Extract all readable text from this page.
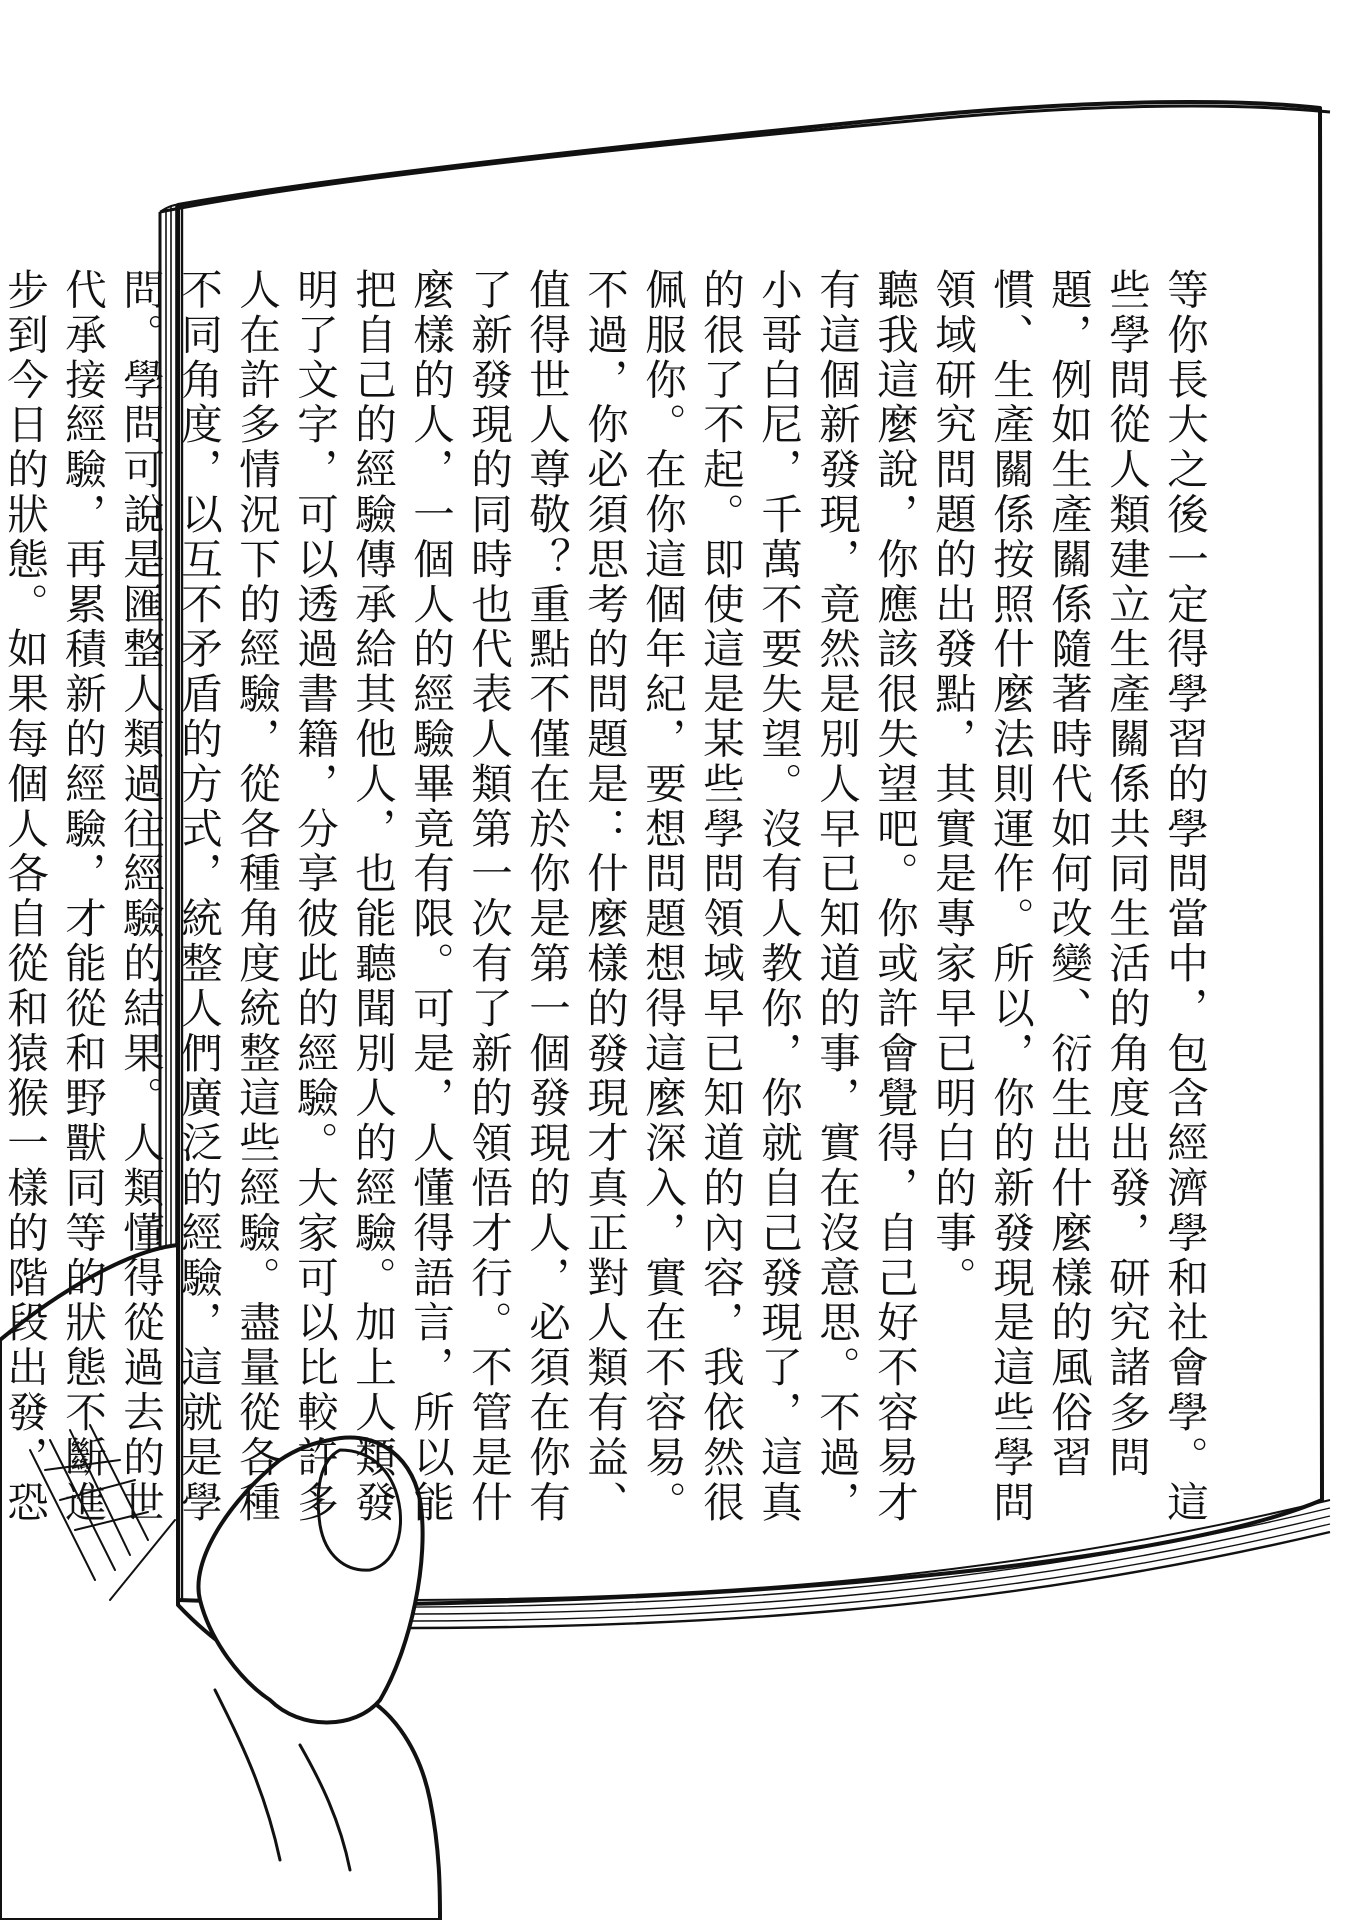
等你長大之後一定得學習的學問當中，包含經濟學和社會學。這些學問從人類建立生產關係共同生活的角度出發，研究諸多問題，例如生產關係隨著時代如何改變、衍生出什麼樣的風俗習慣、生產關係按照什麼法則運作。所以，你的新發現是這些學問領域研究問題的出發點，其實是專家早已明白的事。

聽我這麼說，你應該很失望吧。你或許會覺得，自己好不容易才有這個新發現，竟然是別人早已知道的事，實在沒意思。不過，小哥白尼，千萬不要失望。沒有人教你，你就自己發現了，這真的很了不起。即使這是某些學問領域早已知道的內容，我依然很佩服你。在你這個年紀，要想問題想得這麼深入，實在不容易。

不過，你必須思考的問題是：什麼樣的發現才真正對人類有益、值得世人尊敬？重點不僅在於你是第一個發現的人，必須在你有了新發現的同時也代表人類第一次有了新的領悟才行。不管是什麼樣的人，一個人的經驗畢竟有限。可是，人懂得語言，所以能把自己的經驗傳承給其他人，也能聽聞別人的經驗。加上人類發明了文字，可以透過書籍，分享彼此的經驗。大家可以比較許多人在許多情況下的經驗，從各種角度統整這些經驗。盡量從各種不同角度，以互不矛盾的方式，統整人們廣泛的經驗，這就是學問。學問可說是匯整人類過往經驗的結果。人類懂得從過去的世代承接經驗，再累積新的經驗，才能從和野獸同等的狀態不斷進步到今日的狀態。如果每個人各自從和猿猴一樣的階段出發，恐
